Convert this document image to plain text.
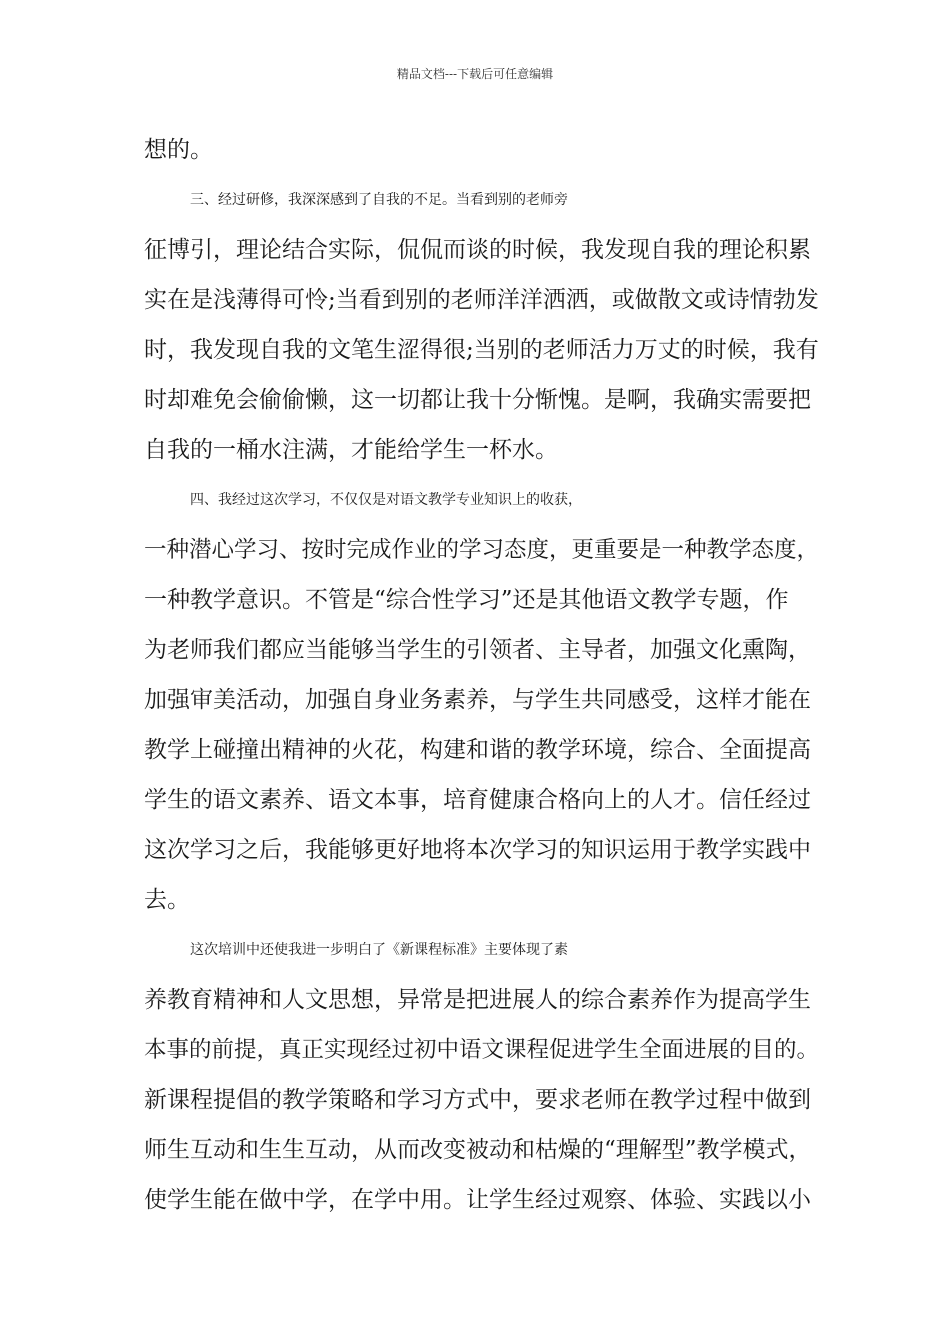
精品文档---下载后可任意编辑
想的。
三、经过研修，我深深感到了自我的不足。当看到别的老师旁
征博引，理论结合实际，侃侃而谈的时候，我发现自我的理论积累
实在是浅薄得可怜;当看到别的老师洋洋洒洒，或做散文或诗情勃发
时，我发现自我的文笔生涩得很;当别的老师活力万丈的时候，我有
时却难免会偷偷懒，这一切都让我十分惭愧。是啊，我确实需要把
自我的一桶水注满，才能给学生一杯水。
四、我经过这次学习，不仅仅是对语文教学专业知识上的收获，
一种潜心学习、按时完成作业的学习态度，更重要是一种教学态度，
一种教学意识。不管是“综合性学习”还是其他语文教学专题，作
为老师我们都应当能够当学生的引领者、主导者，加强文化熏陶，
加强审美活动，加强自身业务素养，与学生共同感受，这样才能在
教学上碰撞出精神的火花，构建和谐的教学环境，综合、全面提高
学生的语文素养、语文本事，培育健康合格向上的人才。信任经过
这次学习之后，我能够更好地将本次学习的知识运用于教学实践中
去。
这次培训中还使我进一步明白了《新课程标准》主要体现了素
养教育精神和人文思想，异常是把进展人的综合素养作为提高学生
本事的前提，真正实现经过初中语文课程促进学生全面进展的目的。
新课程提倡的教学策略和学习方式中，要求老师在教学过程中做到
师生互动和生生互动，从而改变被动和枯燥的“理解型”教学模式，
使学生能在做中学，在学中用。让学生经过观察、体验、实践以小
